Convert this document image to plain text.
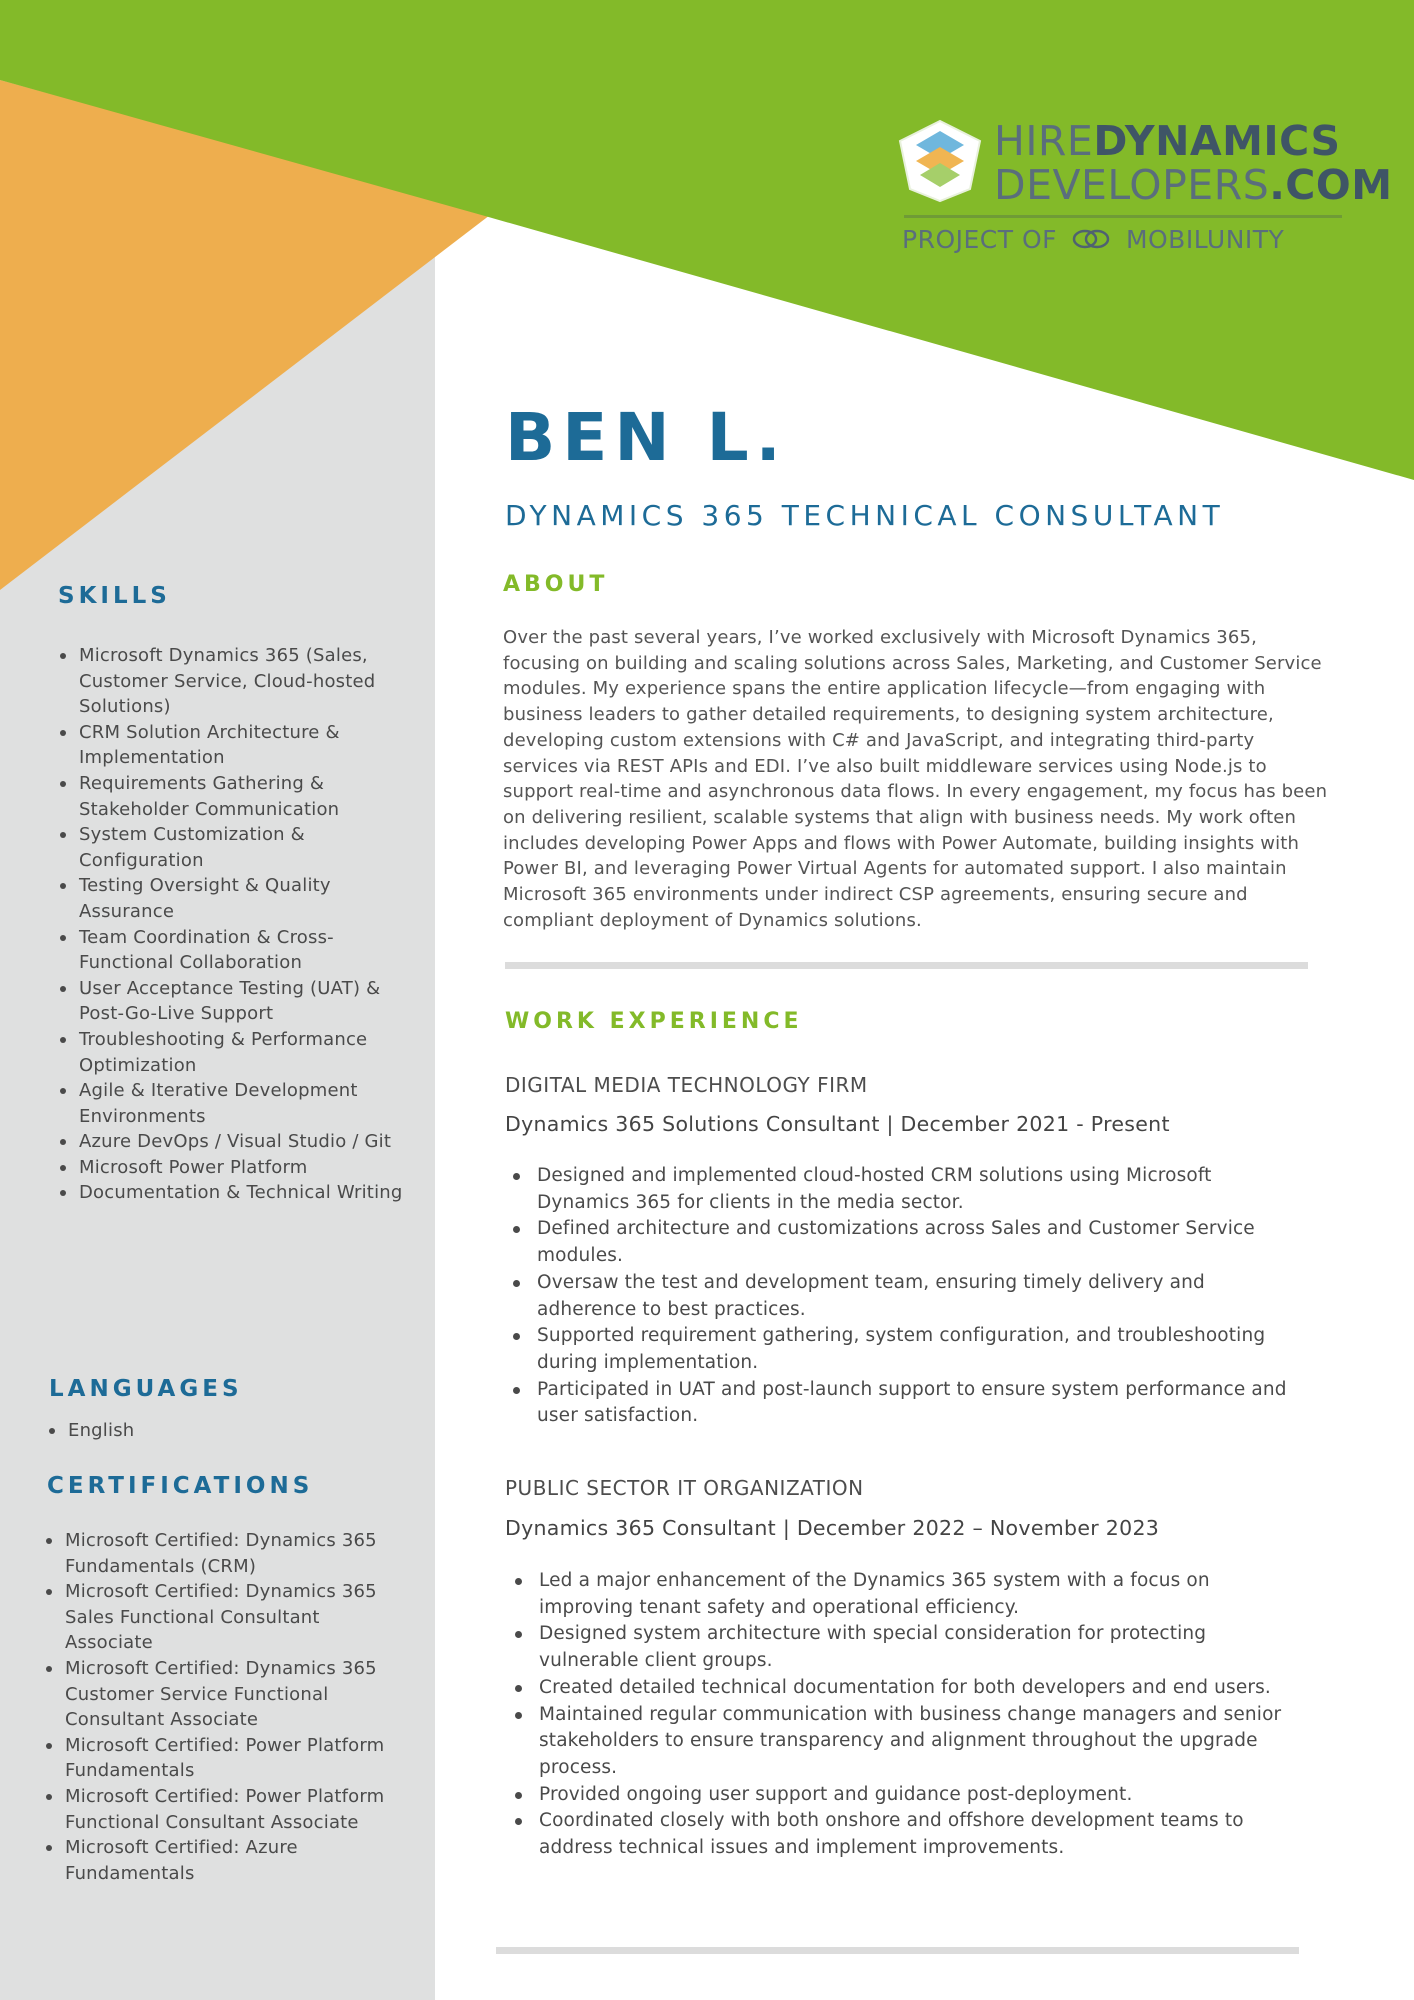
HIREDYNAMICS
DEVELOPERS.COM
PROJECT OF	MOBILUNITY
BEN L.
DYNAMICS 365 TECHNICAL CONSULTANT
ABOUT

Over the past several years, I’ve worked exclusively with Microsoft Dynamics 365, focusing on building and scaling solutions across Sales, Marketing, and Customer Service modules. My experience spans the entire application lifecycle—from engaging with business leaders to gather detailed requirements, to designing system architecture, developing custom extensions with C# and JavaScript, and integrating third-party services via REST APIs and EDI. I’ve also built middleware services using Node.js to support real-time and asynchronous data flows. In every engagement, my focus has been on delivering resilient, scalable systems that align with business needs. My work often includes developing Power Apps and flows with Power Automate, building insights with Power BI, and leveraging Power Virtual Agents for automated support. I also maintain Microsoft 365 environments under indirect CSP agreements, ensuring secure and compliant deployment of Dynamics solutions.

WORK EXPERIENCE
DIGITAL MEDIA TECHNOLOGY FIRM
Dynamics 365 Solutions Consultant | December 2021 - Present
Designed and implemented cloud-hosted CRM solutions using Microsoft Dynamics 365 for clients in the media sector.
Defined architecture and customizations across Sales and Customer Service modules.
Oversaw the test and development team, ensuring timely delivery and adherence to best practices.
Supported requirement gathering, system configuration, and troubleshooting during implementation.
Participated in UAT and post-launch support to ensure system performance and user satisfaction.
PUBLIC SECTOR IT ORGANIZATION
Dynamics 365 Consultant | December 2022 – November 2023
Led a major enhancement of the Dynamics 365 system with a focus on improving tenant safety and operational efficiency.
Designed system architecture with special consideration for protecting vulnerable client groups.
Created detailed technical documentation for both developers and end users.
Maintained regular communication with business change managers and senior stakeholders to ensure transparency and alignment throughout the upgrade process.
Provided ongoing user support and guidance post-deployment.
Coordinated closely with both onshore and offshore development teams to address technical issues and implement improvements.
SKILLS
Microsoft Dynamics 365 (Sales, Customer Service, Cloud-hosted Solutions)
CRM Solution Architecture & Implementation
Requirements Gathering & Stakeholder Communication
System Customization & Configuration
Testing Oversight & Quality Assurance
Team Coordination & Cross-Functional Collaboration
User Acceptance Testing (UAT) & Post-Go-Live Support
Troubleshooting & Performance Optimization
Agile & Iterative Development Environments
Azure DevOps / Visual Studio / Git
Microsoft Power Platform
Documentation & Technical Writing
LANGUAGES
English
CERTIFICATIONS
Microsoft Certified: Dynamics 365 Fundamentals (CRM)
Microsoft Certified: Dynamics 365 Sales Functional Consultant Associate
Microsoft Certified: Dynamics 365 Customer Service Functional Consultant Associate
Microsoft Certified: Power Platform Fundamentals
Microsoft Certified: Power Platform Functional Consultant Associate
Microsoft Certified: Azure Fundamentals
